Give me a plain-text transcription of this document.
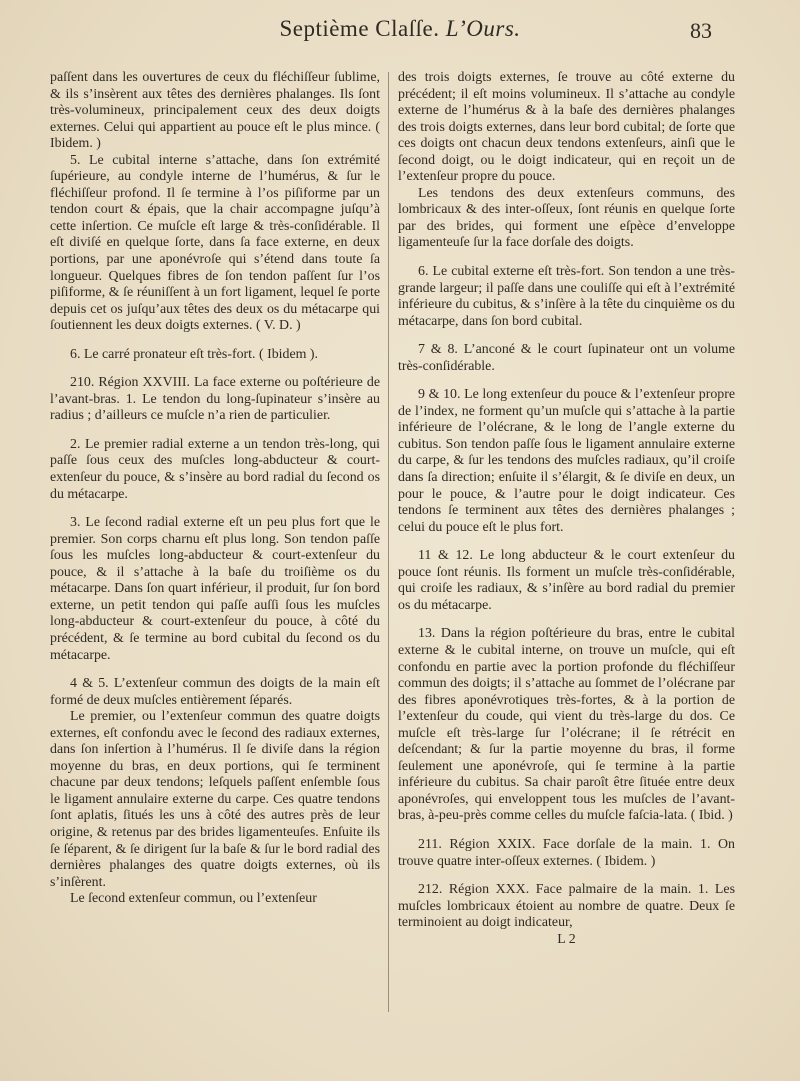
Septième Claſſe. L’Ours.	83

paſſent dans les ouvertures de ceux du fléchiſſeur ſublime, & ils s’insèrent aux têtes des dernières phalanges. Ils ſont très-volumineux, principalement ceux des deux doigts externes. Celui qui appartient au pouce eſt le plus mince. ( Ibidem. )

5. Le cubital interne s’attache, dans ſon extrémité ſupérieure, au condyle interne de l’humérus, & ſur le fléchiſſeur profond. Il ſe termine à l’os piſiforme par un tendon court & épais, que la chair accompagne juſqu’à cette inſertion. Ce muſcle eſt large & très-conſidérable. Il eſt diviſé en quelque ſorte, dans ſa face externe, en deux portions, par une aponévroſe qui s’étend dans toute ſa longueur. Quelques fibres de ſon tendon paſſent ſur l’os piſiforme, & ſe réuniſſent à un fort ligament, lequel ſe porte depuis cet os juſqu’aux têtes des deux os du métacarpe qui ſoutiennent les deux doigts externes. ( V. D. )

6. Le carré pronateur eſt très-fort. ( Ibidem ).

210. Région XXVIII. La face externe ou poſtérieure de l’avant-bras. 1. Le tendon du long-ſupinateur s’insère au radius ; d’ailleurs ce muſcle n’a rien de particulier.

2. Le premier radial externe a un tendon très-long, qui paſſe ſous ceux des muſcles long-abducteur & court-extenſeur du pouce, & s’insère au bord radial du ſecond os du métacarpe.

3. Le ſecond radial externe eſt un peu plus fort que le premier. Son corps charnu eſt plus long. Son tendon paſſe ſous les muſcles long-abducteur & court-extenſeur du pouce, & il s’attache à la baſe du troiſième os du métacarpe. Dans ſon quart inférieur, il produit, ſur ſon bord externe, un petit tendon qui paſſe auſſi ſous les muſcles long-abducteur & court-extenſeur du pouce, à côté du précédent, & ſe termine au bord cubital du ſecond os du métacarpe.

4 & 5. L’extenſeur commun des doigts de la main eſt formé de deux muſcles entièrement ſéparés.

Le premier, ou l’extenſeur commun des quatre doigts externes, eſt confondu avec le ſecond des radiaux externes, dans ſon inſertion à l’humérus. Il ſe diviſe dans la région moyenne du bras, en deux portions, qui ſe terminent chacune par deux tendons; leſquels paſſent enſemble ſous le ligament annulaire externe du carpe. Ces quatre tendons ſont aplatis, ſitués les uns à côté des autres près de leur origine, & retenus par des brides ligamenteuſes. Enſuite ils ſe ſéparent, & ſe dirigent ſur la baſe & ſur le bord radial des dernières phalanges des quatre doigts externes, où ils s’inſèrent.

Le ſecond extenſeur commun, ou l’extenſeur

des trois doigts externes, ſe trouve au côté externe du précédent; il eſt moins volumineux. Il s’attache au condyle externe de l’humérus & à la baſe des dernières phalanges des trois doigts externes, dans leur bord cubital; de ſorte que ces doigts ont chacun deux tendons extenſeurs, ainſi que le ſecond doigt, ou le doigt indicateur, qui en reçoit un de l’extenſeur propre du pouce.

Les tendons des deux extenſeurs communs, des lombricaux & des inter-oſſeux, ſont réunis en quelque ſorte par des brides, qui forment une eſpèce d’enveloppe ligamenteuſe ſur la face dorſale des doigts.

6. Le cubital externe eſt très-fort. Son tendon a une très-grande largeur; il paſſe dans une couliſſe qui eſt à l’extrémité inférieure du cubitus, & s’inſère à la tête du cinquième os du métacarpe, dans ſon bord cubital.

7 & 8. L’anconé & le court ſupinateur ont un volume très-conſidérable.

9 & 10. Le long extenſeur du pouce & l’extenſeur propre de l’index, ne forment qu’un muſcle qui s’attache à la partie inférieure de l’olécrane, & le long de l’angle externe du cubitus. Son tendon paſſe ſous le ligament annulaire externe du carpe, & ſur les tendons des muſcles radiaux, qu’il croiſe dans ſa direction; enſuite il s’élargit, & ſe diviſe en deux, un pour le pouce, & l’autre pour le doigt indicateur. Ces tendons ſe terminent aux têtes des dernières phalanges ; celui du pouce eſt le plus fort.

11 & 12. Le long abducteur & le court extenſeur du pouce ſont réunis. Ils forment un muſcle très-conſidérable, qui croiſe les radiaux, & s’inſère au bord radial du premier os du métacarpe.

13. Dans la région poſtérieure du bras, entre le cubital externe & le cubital interne, on trouve un muſcle, qui eſt confondu en partie avec la portion profonde du fléchiſſeur commun des doigts; il s’attache au ſommet de l’olécrane par des fibres aponévrotiques très-fortes, & à la portion de l’extenſeur du coude, qui vient du très-large du dos. Ce muſcle eſt très-large ſur l’olécrane; il ſe rétrécit en deſcendant; & ſur la partie moyenne du bras, il forme ſeulement une aponévroſe, qui ſe termine à la partie inférieure du cubitus. Sa chair paroît être ſituée entre deux aponévroſes, qui enveloppent tous les muſcles de l’avant-bras, à-peu-près comme celles du muſcle faſcia-lata. ( Ibid. )

211. Région XXIX. Face dorſale de la main. 1. On trouve quatre inter-oſſeux externes. ( Ibidem. )

212. Région XXX. Face palmaire de la main. 1. Les muſcles lombricaux étoient au nombre de quatre. Deux ſe terminoient au doigt indicateur,

L 2
